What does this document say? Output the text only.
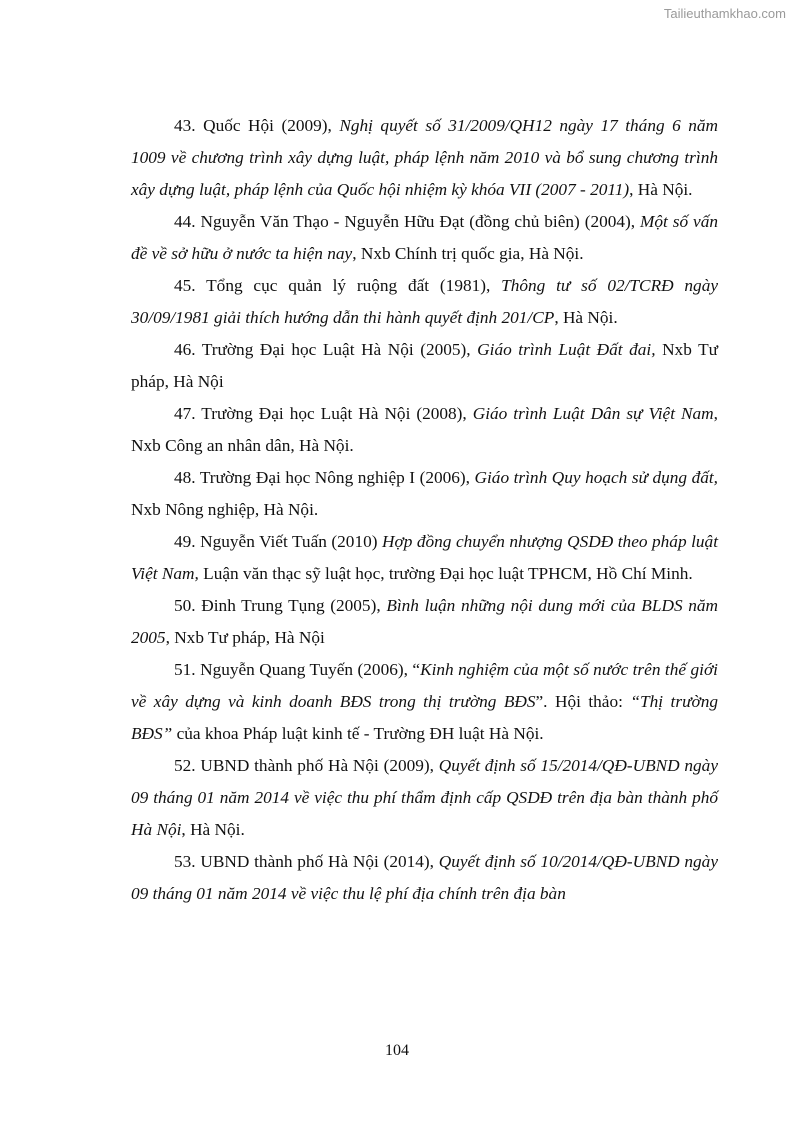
Tailieuthamkhao.com

43. Quốc Hội (2009), Nghị quyết số 31/2009/QH12 ngày 17 tháng 6 năm 1009 về chương trình xây dựng luật, pháp lệnh năm 2010 và bổ sung chương trình xây dựng luật, pháp lệnh của Quốc hội nhiệm kỳ khóa VII (2007 - 2011), Hà Nội.

44. Nguyễn Văn Thạo - Nguyễn Hữu Đạt (đồng chủ biên) (2004), Một số vấn đề về sở hữu ở nước ta hiện nay, Nxb Chính trị quốc gia, Hà Nội.

45. Tổng cục quản lý ruộng đất (1981), Thông tư số 02/TCRĐ ngày 30/09/1981 giải thích hướng dẫn thi hành quyết định 201/CP, Hà Nội.

46. Trường Đại học Luật Hà Nội (2005), Giáo trình Luật Đất đai, Nxb Tư pháp, Hà Nội

47. Trường Đại học Luật Hà Nội (2008), Giáo trình Luật Dân sự Việt Nam, Nxb Công an nhân dân, Hà Nội.

48. Trường Đại học Nông nghiệp I (2006), Giáo trình Quy hoạch sử dụng đất, Nxb Nông nghiệp, Hà Nội.

49. Nguyễn Viết Tuấn (2010) Hợp đồng chuyển nhượng QSDĐ theo pháp luật Việt Nam, Luận văn thạc sỹ luật học, trường Đại học luật TPHCM, Hồ Chí Minh.

50. Đinh Trung Tụng (2005), Bình luận những nội dung mới của BLDS năm 2005, Nxb Tư pháp, Hà Nội

51. Nguyễn Quang Tuyến (2006), “Kinh nghiệm của một số nước trên thế giới về xây dựng và kinh doanh BĐS trong thị trường BĐS”. Hội thảo: “Thị trường BĐS” của khoa Pháp luật kinh tế - Trường ĐH luật Hà Nội.

52. UBND thành phố Hà Nội (2009), Quyết định số 15/2014/QĐ-UBND ngày 09 tháng 01 năm 2014 về việc thu phí thẩm định cấp QSDĐ trên địa bàn thành phố Hà Nội, Hà Nội.

53. UBND thành phố Hà Nội (2014), Quyết định số 10/2014/QĐ-UBND ngày 09 tháng 01 năm 2014 về việc thu lệ phí địa chính trên địa bàn

104
